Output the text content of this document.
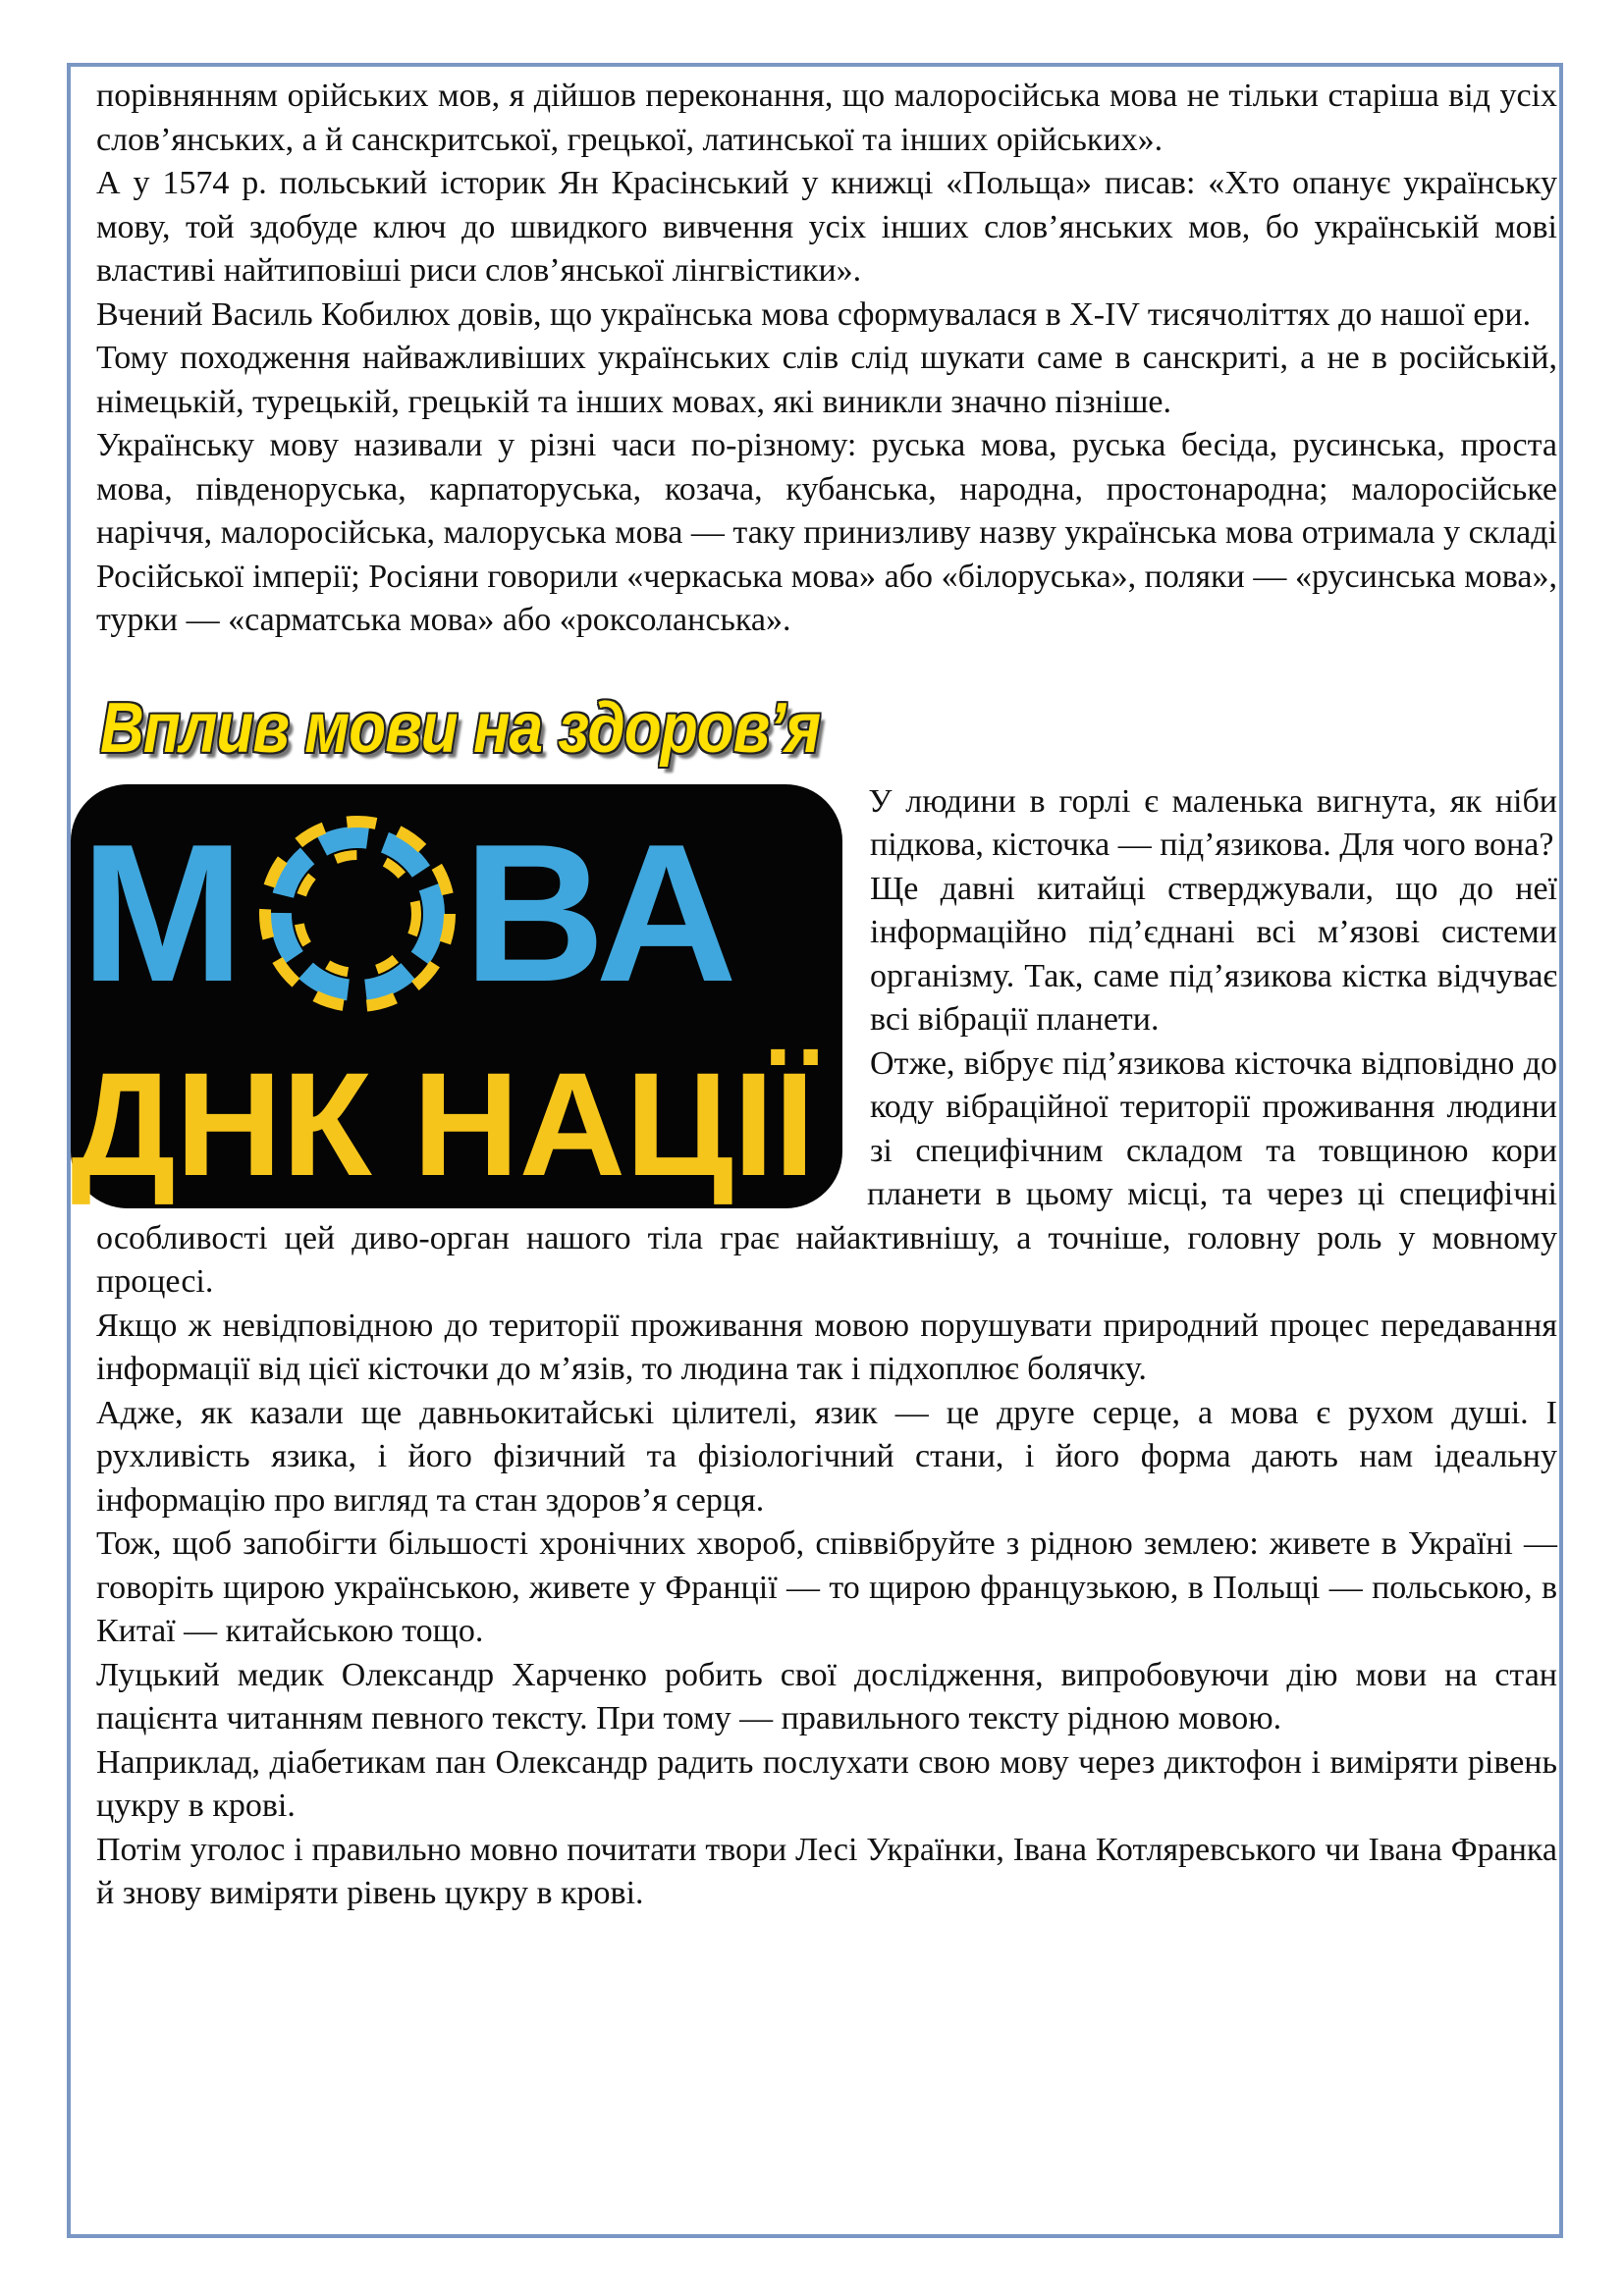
порівнянням орійських мов, я дійшов переконання, що малоросійська мова не тільки старіша від усіх слов’янських, а й санскритської, грецької, латинської та інших орійських».

А у 1574 р. польський історик Ян Красінський у книжці «Польща» писав: «Хто опанує українську мову, той здобуде ключ до швидкого вивчення усіх інших слов’янських мов, бо українській мові властиві найтиповіші риси слов’янської лінгвістики».

Вчений Василь Кобилюх довів, що українська мова сформувалася в X-IV тисячоліттях до нашої ери.

Тому походження найважливіших українських слів слід шукати саме в санскриті, а не в російській, німецькій, турецькій, грецькій та інших мовах, які виникли значно пізніше.

Українську мову називали у різні часи по-різному: руська мова, руська бесіда, русинська, проста мова, південоруська, карпаторуська, козача, кубанська, народна, простонародна; малоросійське наріччя, малоросійська, малоруська мова — таку принизливу назву українська мова отримала у складі Російської імперії; Росіяни говорили «черкаська мова» або «білоруська», поляки — «русинська мова», турки — «сарматська мова» або «роксоланська».

Вплив мови на здоров’я
М ВА
ДНК НАЦІЇ

У людини в горлі є маленька вигнута, як ніби підкова, кісточка — під’язикова. Для чого вона?

Ще давні китайці стверджували, що до неї інформаційно під’єднані всі м’язові системи організму. Так, саме під’язикова кістка відчуває всі вібрації планети.

Отже, вібрує під’язикова кісточка відповідно до коду вібраційної території проживання людини зі специфічним складом та товщиною кори планети в цьому місці, та через ці специфічні особливості цей диво-орган нашого тіла грає найактивнішу, а точніше, головну роль у мовному процесі.

Якщо ж невідповідною до території проживання мовою порушувати природний процес передавання інформації від цієї кісточки до м’язів, то людина так і підхоплює болячку.

Адже, як казали ще давньокитайські цілителі, язик — це друге серце, а мова є рухом душі. І рухливість язика, і його фізичний та фізіологічний стани, і його форма дають нам ідеальну інформацію про вигляд та стан здоров’я серця.

Тож, щоб запобігти більшості хронічних хвороб, співвібруйте з рідною землею: живете в Україні — говоріть щирою українською, живете у Франції — то щирою французькою, в Польщі — польською, в Китаї — китайською тощо.

Луцький медик Олександр Харченко робить свої дослідження, випробовуючи дію мови на стан пацієнта читанням певного тексту. При тому — правильного тексту рідною мовою.

Наприклад, діабетикам пан Олександр радить послухати свою мову через диктофон і виміряти рівень цукру в крові.

Потім уголос і правильно мовно почитати твори Лесі Українки, Івана Котляревського чи Івана Франка й знову виміряти рівень цукру в крові.
